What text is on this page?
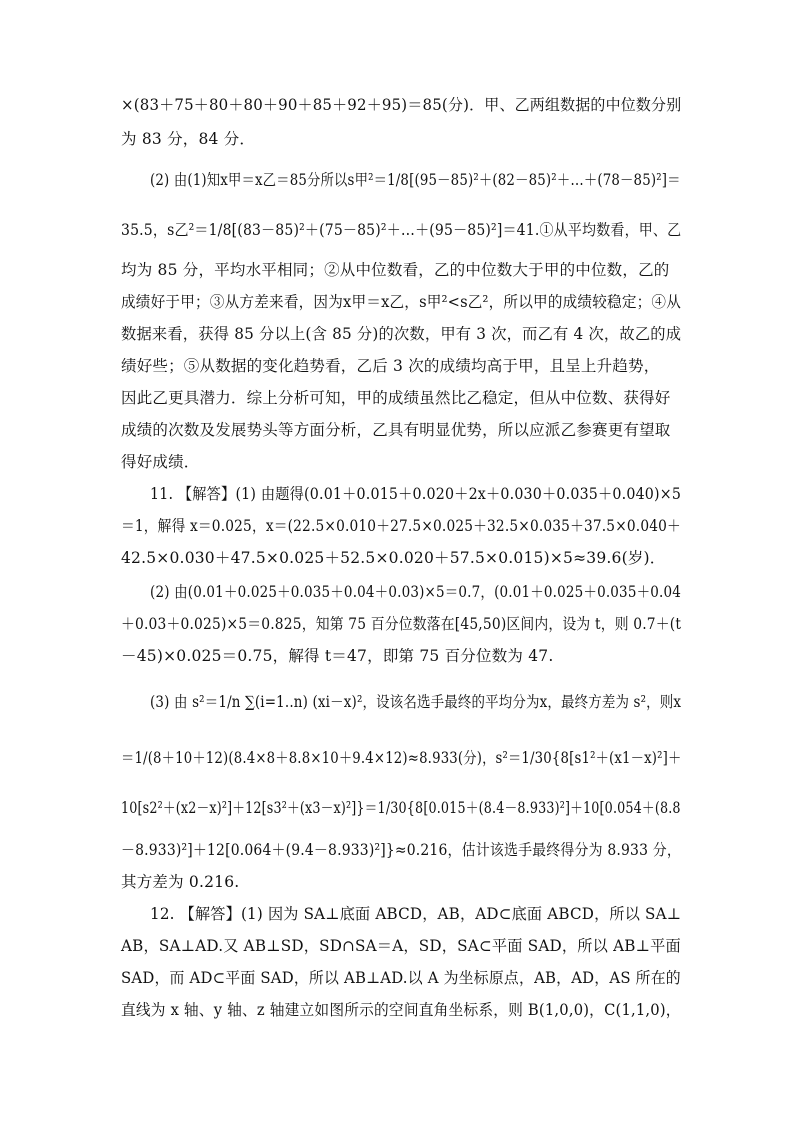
×(83＋75＋80＋80＋90＋85＋92＋95)＝85(分)．甲、乙两组数据的中位数分别
为 83 分，84 分．
(2) 由(1)知x甲＝x乙＝85分所以s甲²＝1/8[(95－85)²＋(82－85)²＋…＋(78－85)²]＝
35.5，s乙²＝1/8[(83－85)²＋(75－85)²＋…＋(95－85)²]＝41.①从平均数看，甲、乙
均为 85 分，平均水平相同；②从中位数看，乙的中位数大于甲的中位数，乙的
成绩好于甲；③从方差来看，因为x甲＝x乙，s甲²<s乙²，所以甲的成绩较稳定；④从
数据来看，获得 85 分以上(含 85 分)的次数，甲有 3 次，而乙有 4 次，故乙的成
绩好些；⑤从数据的变化趋势看，乙后 3 次的成绩均高于甲，且呈上升趋势，
因此乙更具潜力．综上分析可知，甲的成绩虽然比乙稳定，但从中位数、获得好
成绩的次数及发展势头等方面分析，乙具有明显优势，所以应派乙参赛更有望取
得好成绩．
11. 【解答】(1) 由题得(0.01＋0.015＋0.020＋2x＋0.030＋0.035＋0.040)×5
＝1，解得 x＝0.025，x＝(22.5×0.010＋27.5×0.025＋32.5×0.035＋37.5×0.040＋
42.5×0.030＋47.5×0.025＋52.5×0.020＋57.5×0.015)×5≈39.6(岁)．
(2) 由(0.01＋0.025＋0.035＋0.04＋0.03)×5＝0.7，(0.01＋0.025＋0.035＋0.04
＋0.03＋0.025)×5＝0.825，知第 75 百分位数落在[45,50)区间内，设为 t，则 0.7＋(t
－45)×0.025＝0.75，解得 t＝47，即第 75 百分位数为 47.
(3) 由 s²＝1/n ∑(i=1..n) (xi－x)²，设该名选手最终的平均分为x，最终方差为 s²，则x
＝1/(8＋10＋12)(8.4×8＋8.8×10＋9.4×12)≈8.933(分)，s²＝1/30{8[s1²＋(x1－x)²]＋
10[s2²＋(x2－x)²]＋12[s3²＋(x3－x)²]}＝1/30{8[0.015＋(8.4－8.933)²]＋10[0.054＋(8.8
－8.933)²]＋12[0.064＋(9.4－8.933)²]}≈0.216，估计该选手最终得分为 8.933 分，
其方差为 0.216.
12. 【解答】(1) 因为 SA⊥底面 ABCD，AB，AD⊂底面 ABCD，所以 SA⊥
AB，SA⊥AD.又 AB⊥SD，SD∩SA＝A，SD，SA⊂平面 SAD，所以 AB⊥平面
SAD，而 AD⊂平面 SAD，所以 AB⊥AD.以 A 为坐标原点，AB，AD，AS 所在的
直线为 x 轴、y 轴、z 轴建立如图所示的空间直角坐标系，则 B(1,0,0)，C(1,1,0)，
